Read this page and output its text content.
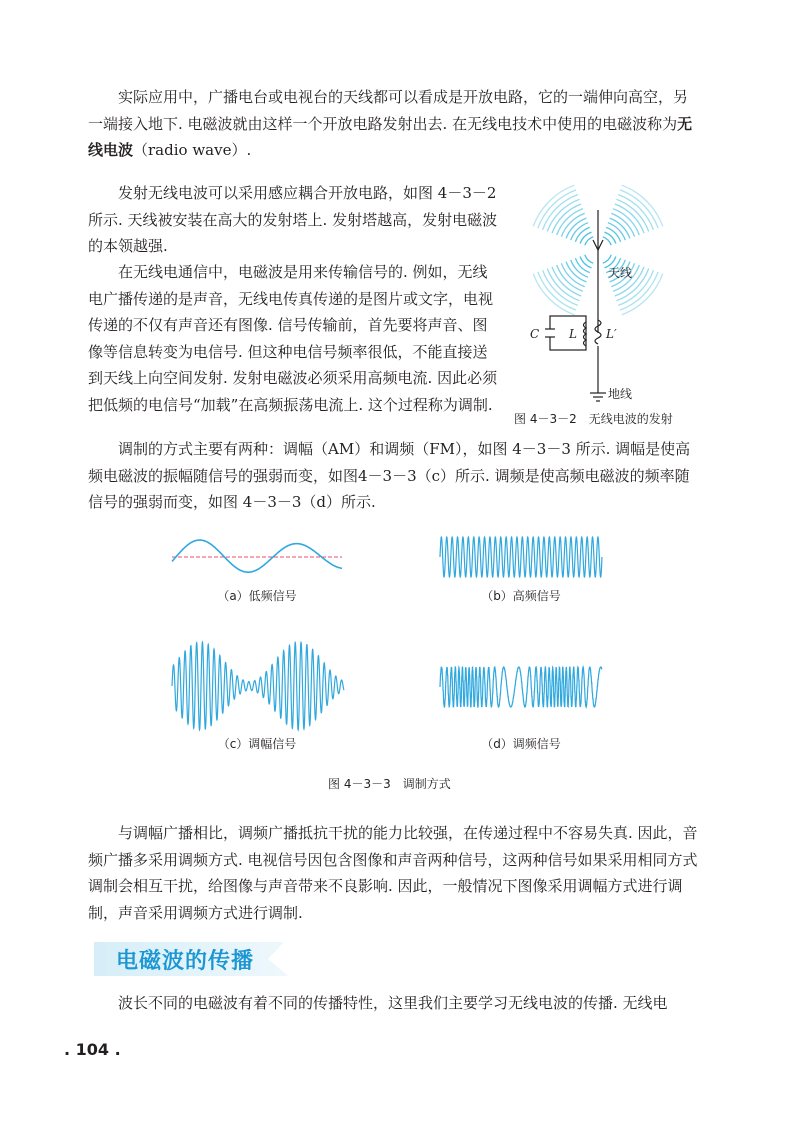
实际应用中，广播电台或电视台的天线都可以看成是开放电路，它的一端伸向高空，另一端接入地下. 电磁波就由这样一个开放电路发射出去. 在无线电技术中使用的电磁波称为无线电波（radio wave）.

发射无线电波可以采用感应耦合开放电路，如图 4－3－2 所示. 天线被安装在高大的发射塔上. 发射塔越高，发射电磁波的本领越强.

在无线电通信中，电磁波是用来传输信号的. 例如，无线电广播传递的是声音，无线电传真传递的是图片或文字，电视传递的不仅有声音还有图像. 信号传输前，首先要将声音、图像等信息转变为电信号. 但这种电信号频率很低，不能直接送到天线上向空间发射. 发射电磁波必须采用高频电流. 因此必须把低频的电信号“加载”在高频振荡电流上. 这个过程称为调制.

C L L′
天线
地线
图 4－3－2　无线电波的发射

调制的方式主要有两种：调幅（AM）和调频（FM），如图 4－3－3 所示. 调幅是使高频电磁波的振幅随信号的强弱而变，如图4－3－3（c）所示. 调频是使高频电磁波的频率随信号的强弱而变，如图 4－3－3（d）所示.

（a）低频信号	（b）高频信号
（c）调幅信号	（d）调频信号
图 4－3－3　调制方式

与调幅广播相比，调频广播抵抗干扰的能力比较强，在传递过程中不容易失真. 因此，音频广播多采用调频方式. 电视信号因包含图像和声音两种信号，这两种信号如果采用相同方式调制会相互干扰，给图像与声音带来不良影响. 因此，一般情况下图像采用调幅方式进行调制，声音采用调频方式进行调制.

电磁波的传播

波长不同的电磁波有着不同的传播特性，这里我们主要学习无线电波的传播. 无线电

. 104 .
